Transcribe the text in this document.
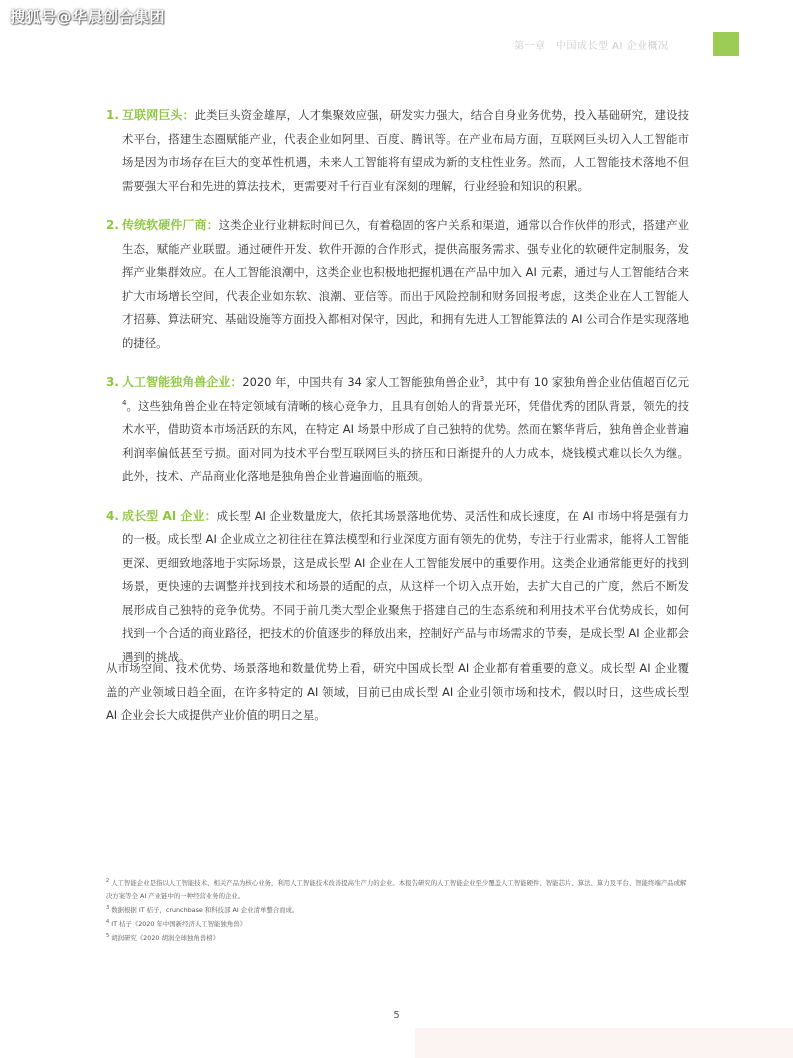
搜狐号@华晨创合集团
第一章　中国成长型 AI 企业概况
1. 互联网巨头：此类巨头资金雄厚，人才集聚效应强，研发实力强大，结合自身业务优势，投入基础研究，建设技术平台，搭建生态圈赋能产业，代表企业如阿里、百度、腾讯等。在产业布局方面，互联网巨头切入人工智能市场是因为市场存在巨大的变革性机遇，未来人工智能将有望成为新的支柱性业务。然而，人工智能技术落地不但需要强大平台和先进的算法技术，更需要对千行百业有深刻的理解，行业经验和知识的积累。
2. 传统软硬件厂商：这类企业行业耕耘时间已久，有着稳固的客户关系和渠道，通常以合作伙伴的形式，搭建产业生态，赋能产业联盟。通过硬件开发、软件开源的合作形式，提供高服务需求、强专业化的软硬件定制服务，发挥产业集群效应。在人工智能浪潮中，这类企业也积极地把握机遇在产品中加入 AI 元素，通过与人工智能结合来扩大市场增长空间，代表企业如东软、浪潮、亚信等。而出于风险控制和财务回报考虑，这类企业在人工智能人才招募、算法研究、基础设施等方面投入都相对保守，因此，和拥有先进人工智能算法的 AI 公司合作是实现落地的捷径。
3. 人工智能独角兽企业：2020 年，中国共有 34 家人工智能独角兽企业$^3$，其中有 10 家独角兽企业估值超百亿元$^4$。这些独角兽企业在特定领域有清晰的核心竞争力，且具有创始人的背景光环，凭借优秀的团队背景，领先的技术水平，借助资本市场活跃的东风，在特定 AI 场景中形成了自己独特的优势。然而在繁华背后，独角兽企业普遍利润率偏低甚至亏损。面对同为技术平台型互联网巨头的挤压和日渐提升的人力成本，烧钱模式难以长久为继。此外，技术、产品商业化落地是独角兽企业普遍面临的瓶颈。
4. 成长型 AI 企业：成长型 AI 企业数量庞大，依托其场景落地优势、灵活性和成长速度，在 AI 市场中将是强有力的一极。成长型 AI 企业成立之初往往在算法模型和行业深度方面有领先的优势，专注于行业需求，能将人工智能更深、更细致地落地于实际场景，这是成长型 AI 企业在人工智能发展中的重要作用。这类企业通常能更好的找到场景，更快速的去调整并找到技术和场景的适配的点，从这样一个切入点开始，去扩大自己的广度，然后不断发展形成自己独特的竞争优势。不同于前几类大型企业聚焦于搭建自己的生态系统和利用技术平台优势成长，如何找到一个合适的商业路径，把技术的价值逐步的释放出来，控制好产品与市场需求的节奏，是成长型 AI 企业都会遇到的挑战。
从市场空间、技术优势、场景落地和数量优势上看，研究中国成长型 AI 企业都有着重要的意义。成长型 AI 企业覆盖的产业领域日趋全面，在许多特定的 AI 领域，目前已由成长型 AI 企业引领市场和技术，假以时日，这些成长型 AI 企业会长大成提供产业价值的明日之星。
$^2$ 人工智能企业是指以人工智能技术、相关产品为核心业务，利用人工智能技术改善提高生产力的企业。本报告研究的人工智能企业至少覆盖人工智能硬件、智能芯片、算法、算力及平台、智能终端产品或解决方案等全 AI 产业链中的一种经营业务的企业。
$^3$ 数据根据 IT 桔子，crunchbase 和科技部 AI 企业清单整合而成。
$^4$ IT 桔子《2020 年中国新经济人工智能独角兽》
$^5$ 胡润研究《2020 胡润全球独角兽榜》
5
